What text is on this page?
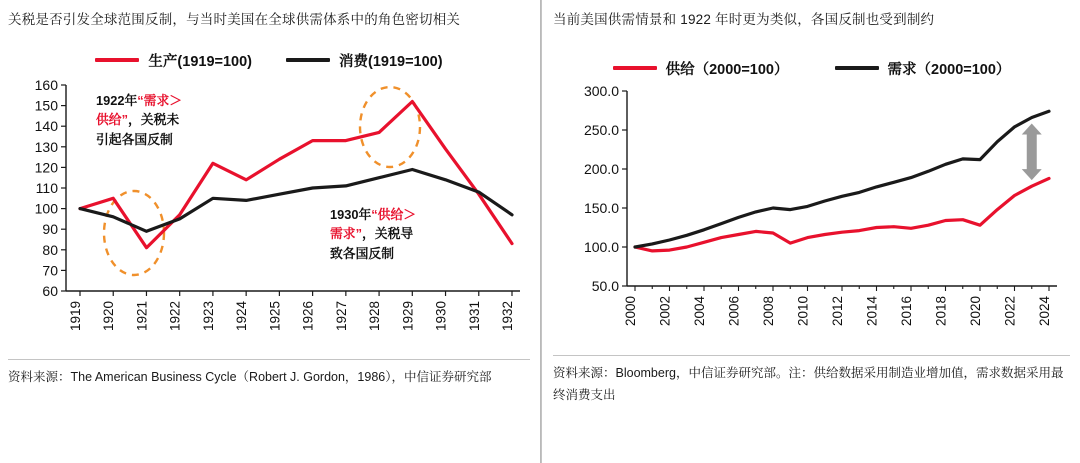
关税是否引发全球范围反制，与当时美国在全球供需体系中的角色密切相关
生产(1919=100)	消费(1919=100)
60
70
80
90
100
110
120
130
140
150
160
1919 1920 1921 1922 1923 1924 1925 1926 1927 1928 1929 1930 1931 1932
1922年“需求＞
供给”，关税未
引起各国反制
1930年“供给＞
需求”，关税导
致各国反制
资料来源：The American Business Cycle（Robert J. Gordon，1986），中信证券研究部
当前美国供需情景和 1922 年时更为类似，各国反制也受到制约
供给（2000=100）	需求（2000=100）
50.0
100.0
150.0
200.0
250.0
300.0
2000 2002 2004 2006 2008 2010 2012 2014 2016 2018 2020 2022 2024
资料来源：Bloomberg，中信证券研究部。注：供给数据采用制造业增加值，需求数据采用最终消费支出
